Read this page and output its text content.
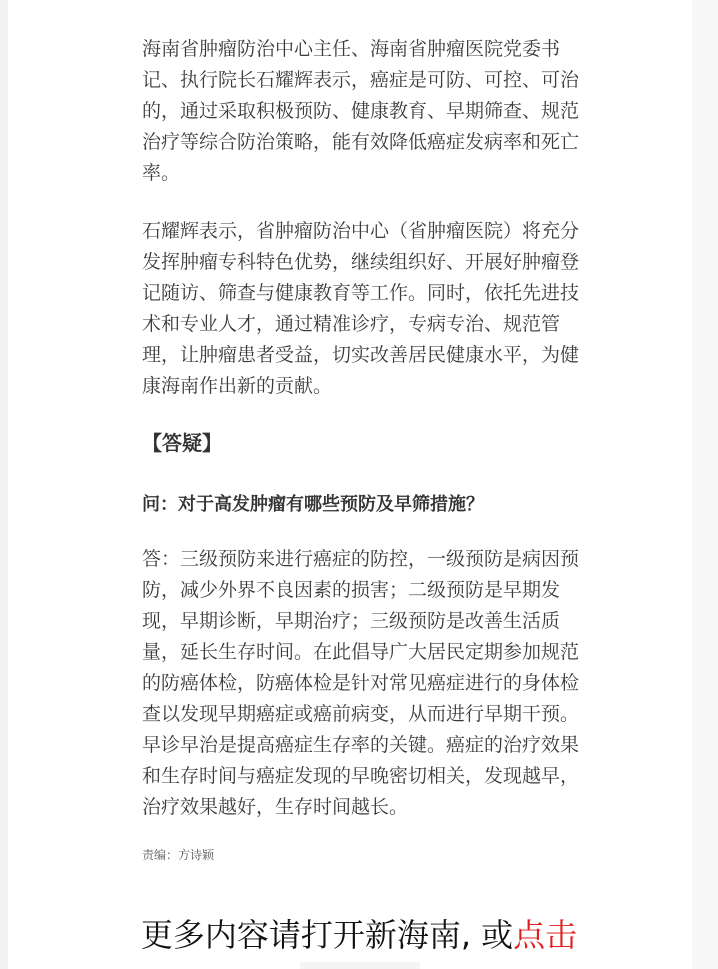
海南省肿瘤防治中心主任、海南省肿瘤医院党委书记、执行院长石耀辉表示，癌症是可防、可控、可治的，通过采取积极预防、健康教育、早期筛查、规范治疗等综合防治策略，能有效降低癌症发病率和死亡率。

石耀辉表示，省肿瘤防治中心（省肿瘤医院）将充分发挥肿瘤专科特色优势，继续组织好、开展好肿瘤登记随访、筛查与健康教育等工作。同时，依托先进技术和专业人才，通过精准诊疗，专病专治、规范管理，让肿瘤患者受益，切实改善居民健康水平，为健康海南作出新的贡献。

【答疑】

问：对于高发肿瘤有哪些预防及早筛措施？

答：三级预防来进行癌症的防控，一级预防是病因预防，减少外界不良因素的损害；二级预防是早期发现，早期诊断，早期治疗；三级预防是改善生活质量，延长生存时间。在此倡导广大居民定期参加规范的防癌体检，防癌体检是针对常见癌症进行的身体检查以发现早期癌症或癌前病变，从而进行早期干预。早诊早治是提高癌症生存率的关键。癌症的治疗效果和生存时间与癌症发现的早晚密切相关，发现越早，治疗效果越好，生存时间越长。

责编：方诗颖

更多内容请打开新海南, 或点击
